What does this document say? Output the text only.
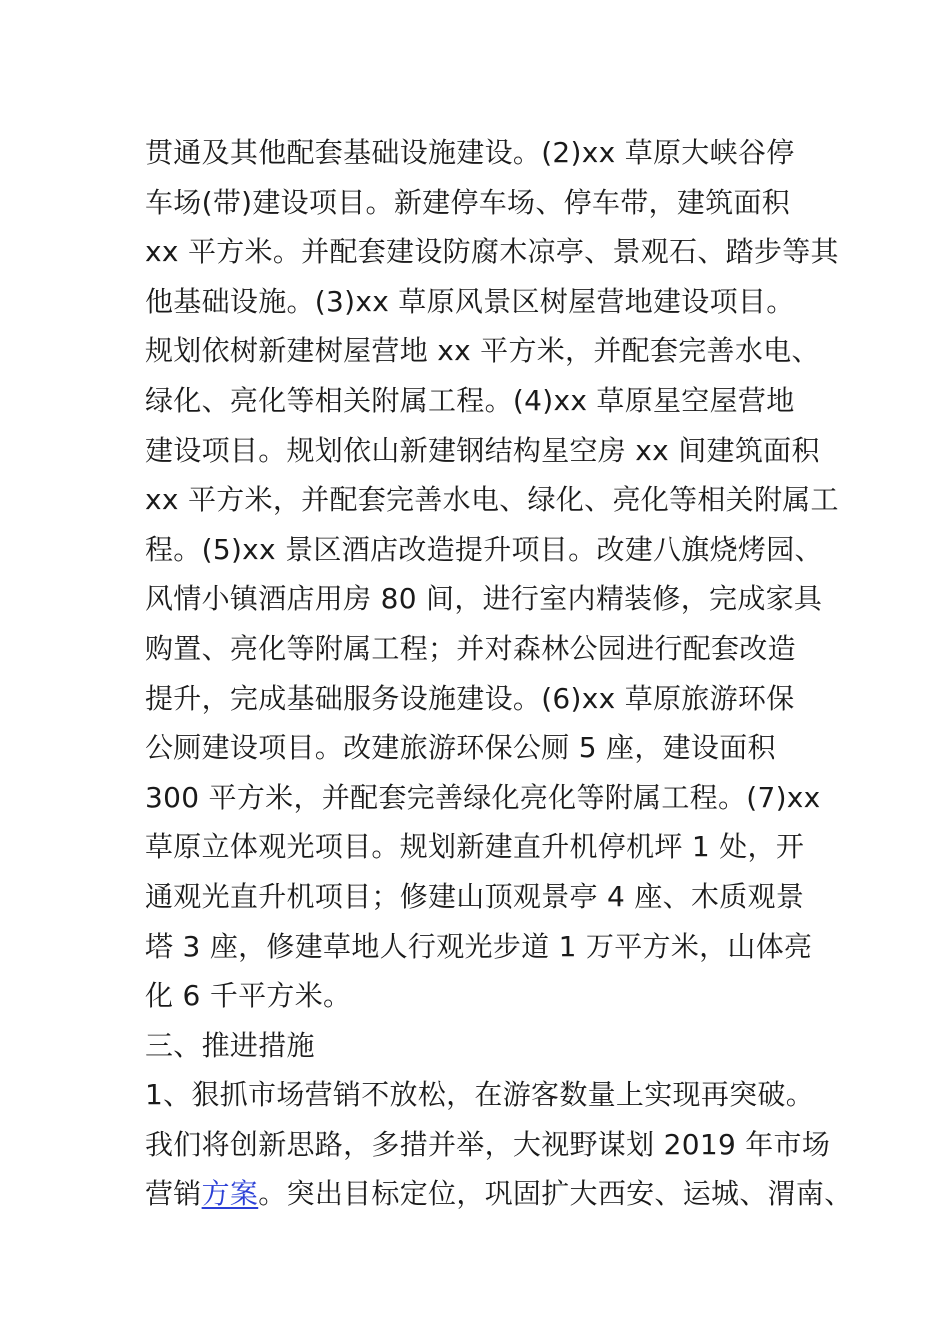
贯通及其他配套基础设施建设。(2)xx 草原大峡谷停
车场(带)建设项目。新建停车场、停车带，建筑面积
xx 平方米。并配套建设防腐木凉亭、景观石、踏步等其
他基础设施。(3)xx 草原风景区树屋营地建设项目。
规划依树新建树屋营地 xx 平方米，并配套完善水电、
绿化、亮化等相关附属工程。(4)xx 草原星空屋营地
建设项目。规划依山新建钢结构星空房 xx 间建筑面积
xx 平方米，并配套完善水电、绿化、亮化等相关附属工
程。(5)xx 景区酒店改造提升项目。改建八旗烧烤园、
风情小镇酒店用房 80 间，进行室内精装修，完成家具
购置、亮化等附属工程；并对森林公园进行配套改造
提升，完成基础服务设施建设。(6)xx 草原旅游环保
公厕建设项目。改建旅游环保公厕 5 座，建设面积
300 平方米，并配套完善绿化亮化等附属工程。(7)xx
草原立体观光项目。规划新建直升机停机坪 1 处，开
通观光直升机项目；修建山顶观景亭 4 座、木质观景
塔 3 座，修建草地人行观光步道 1 万平方米，山体亮
化 6 千平方米。
三、推进措施
1、狠抓市场营销不放松，在游客数量上实现再突破。
我们将创新思路，多措并举，大视野谋划 2019 年市场
营销方案。突出目标定位，巩固扩大西安、运城、渭南、
